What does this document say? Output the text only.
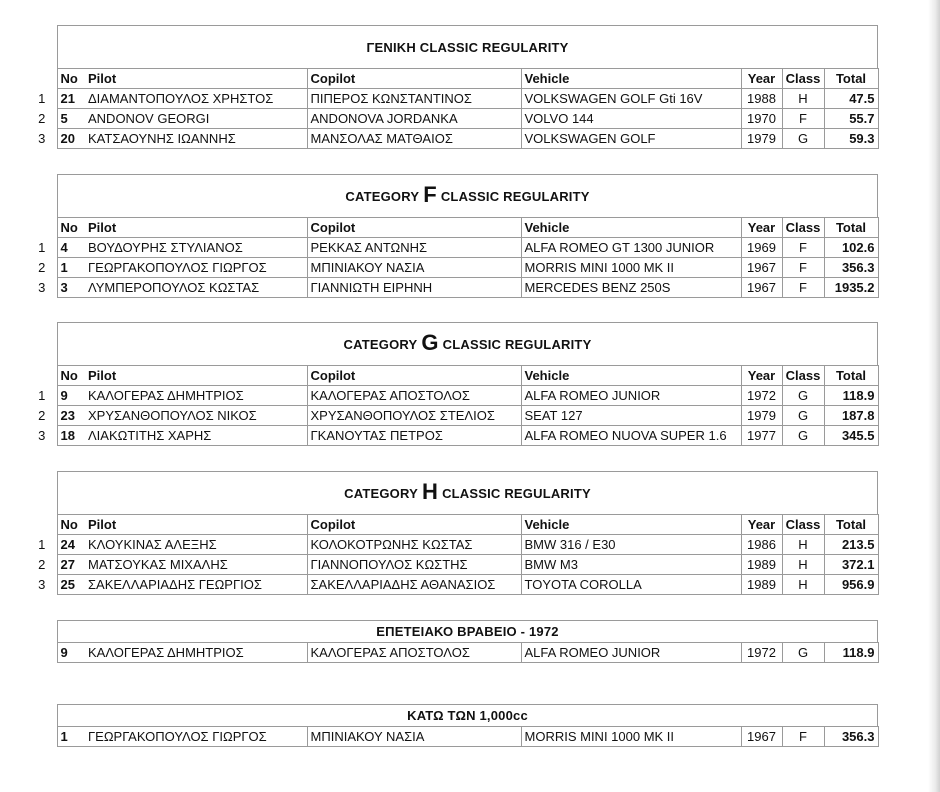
ΓΕΝΙΚΗ CLASSIC REGULARITY
	No	Pilot	Copilot	Vehicle	Year	Class	Total
1	21	ΔΙΑΜΑΝΤΟΠΟΥΛΟΣ ΧΡΗΣΤΟΣ	ΠΙΠΕΡΟΣ ΚΩΝΣΤΑΝΤΙΝΟΣ	VOLKSWAGEN GOLF Gti 16V	1988	H	47.5
2	5	ANDONOV GEORGI	ANDONOVA JORDANKA	VOLVO 144	1970	F	55.7
3	20	ΚΑΤΣΑΟΥΝΗΣ ΙΩΑΝΝΗΣ	ΜΑΝΣΟΛΑΣ ΜΑΤΘΑΙΟΣ	VOLKSWAGEN GOLF	1979	G	59.3
CATEGORY F CLASSIC REGULARITY
	No	Pilot	Copilot	Vehicle	Year	Class	Total
1	4	ΒΟΥΔΟΥΡΗΣ ΣΤΥΛΙΑΝΟΣ	ΡΕΚΚΑΣ ΑΝΤΩΝΗΣ	ALFA ROMEO GT 1300 JUNIOR	1969	F	102.6
2	1	ΓΕΩΡΓΑΚΟΠΟΥΛΟΣ ΓΙΩΡΓΟΣ	ΜΠΙΝΙΑΚΟΥ ΝΑΣΙΑ	MORRIS MINI 1000 MK II	1967	F	356.3
3	3	ΛΥΜΠΕΡΟΠΟΥΛΟΣ ΚΩΣΤΑΣ	ΓΙΑΝΝΙΩΤΗ ΕΙΡΗΝΗ	MERCEDES BENZ 250S	1967	F	1935.2
CATEGORY G CLASSIC REGULARITY
	No	Pilot	Copilot	Vehicle	Year	Class	Total
1	9	ΚΑΛΟΓΕΡΑΣ ΔΗΜΗΤΡΙΟΣ	ΚΑΛΟΓΕΡΑΣ ΑΠΟΣΤΟΛΟΣ	ALFA ROMEO JUNIOR	1972	G	118.9
2	23	ΧΡΥΣΑΝΘΟΠΟΥΛΟΣ ΝΙΚΟΣ	ΧΡΥΣΑΝΘΟΠΟΥΛΟΣ ΣΤΕΛΙΟΣ	SEAT 127	1979	G	187.8
3	18	ΛΙΑΚΩΤΙΤΗΣ ΧΑΡΗΣ	ΓΚΑΝΟΥΤΑΣ ΠΕΤΡΟΣ	ALFA ROMEO NUOVA SUPER 1.6	1977	G	345.5
CATEGORY H CLASSIC REGULARITY
	No	Pilot	Copilot	Vehicle	Year	Class	Total
1	24	ΚΛΟΥΚΙΝΑΣ ΑΛΕΞΗΣ	ΚΟΛΟΚΟΤΡΩΝΗΣ ΚΩΣΤΑΣ	BMW 316 / E30	1986	H	213.5
2	27	ΜΑΤΣΟΥΚΑΣ ΜΙΧΑΛΗΣ	ΓΙΑΝΝΟΠΟΥΛΟΣ ΚΩΣΤΗΣ	BMW M3	1989	H	372.1
3	25	ΣΑΚΕΛΛΑΡΙΑΔΗΣ ΓΕΩΡΓΙΟΣ	ΣΑΚΕΛΛΑΡΙΑΔΗΣ ΑΘΑΝΑΣΙΟΣ	TOYOTA COROLLA	1989	H	956.9
ΕΠΕΤΕΙΑΚΟ ΒΡΑΒΕΙΟ - 1972
	9	ΚΑΛΟΓΕΡΑΣ ΔΗΜΗΤΡΙΟΣ	ΚΑΛΟΓΕΡΑΣ ΑΠΟΣΤΟΛΟΣ	ALFA ROMEO JUNIOR	1972	G	118.9
ΚΑΤΩ ΤΩΝ 1,000cc
	1	ΓΕΩΡΓΑΚΟΠΟΥΛΟΣ ΓΙΩΡΓΟΣ	ΜΠΙΝΙΑΚΟΥ ΝΑΣΙΑ	MORRIS MINI 1000 MK II	1967	F	356.3
